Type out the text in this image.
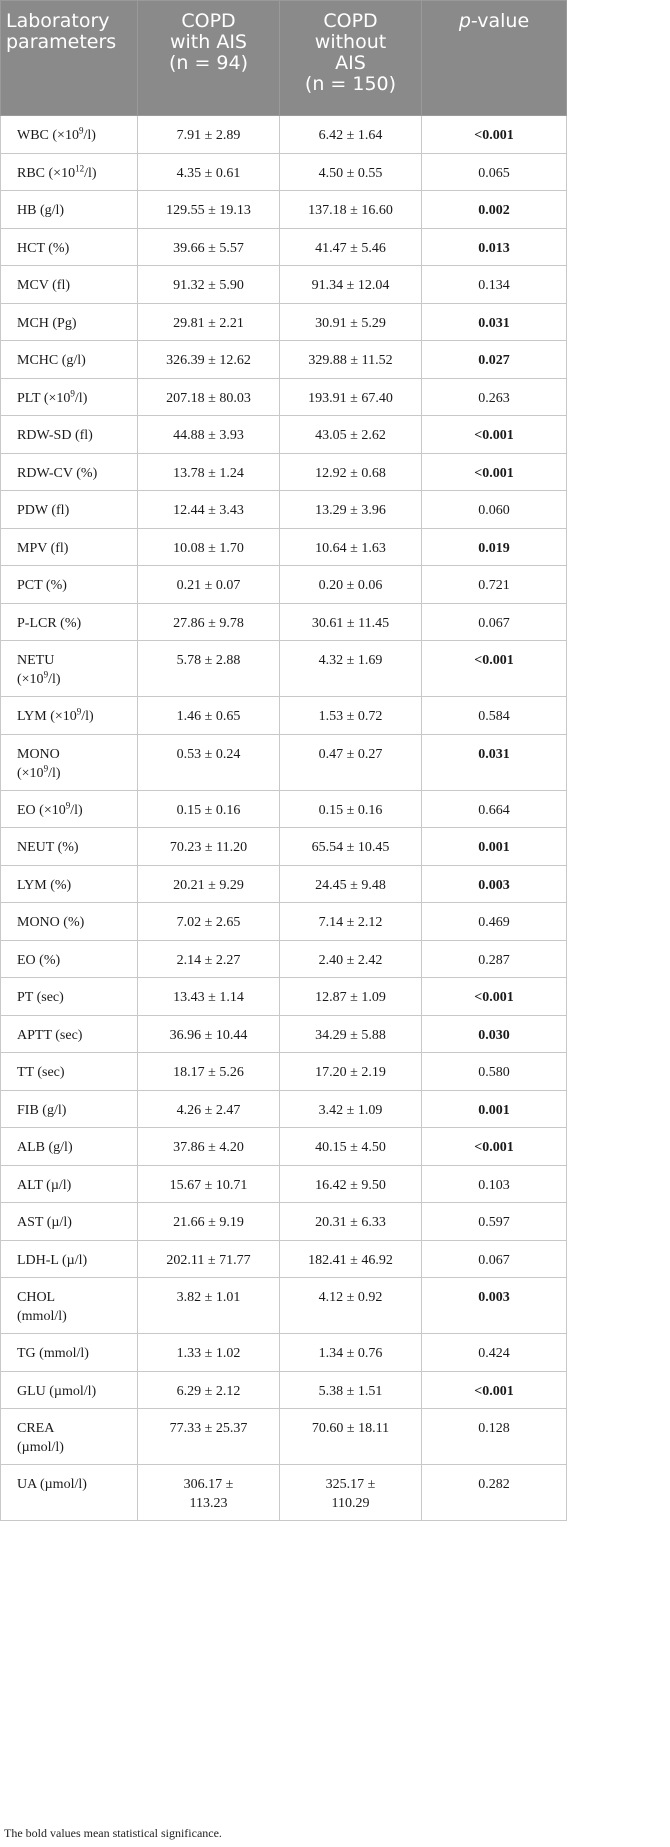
Laboratory
parameters	COPD
with AIS
(n = 94)	COPD
without
AIS
(n = 150)	p-value
WBC $(\times 10^9/l)$	7.91 ± 2.89	6.42 ± 1.64	<0.001
RBC $(\times 10^{12}/l)$	4.35 ± 0.61	4.50 ± 0.55	0.065
HB (g/l)	129.55 ± 19.13	137.18 ± 16.60	0.002
HCT (%)	39.66 ± 5.57	41.47 ± 5.46	0.013
MCV (fl)	91.32 ± 5.90	91.34 ± 12.04	0.134
MCH (Pg)	29.81 ± 2.21	30.91 ± 5.29	0.031
MCHC (g/l)	326.39 ± 12.62	329.88 ± 11.52	0.027
PLT $(\times 10^9/l)$	207.18 ± 80.03	193.91 ± 67.40	0.263
RDW-SD (fl)	44.88 ± 3.93	43.05 ± 2.62	<0.001
RDW-CV (%)	13.78 ± 1.24	12.92 ± 0.68	<0.001
PDW (fl)	12.44 ± 3.43	13.29 ± 3.96	0.060
MPV (fl)	10.08 ± 1.70	10.64 ± 1.63	0.019
PCT (%)	0.21 ± 0.07	0.20 ± 0.06	0.721
P-LCR (%)	27.86 ± 9.78	30.61 ± 11.45	0.067

NETU
$(\times 10^9/l)$	5.78 ± 2.88	4.32 ± 1.69	<0.001
LYM $(\times 10^9/l)$	1.46 ± 0.65	1.53 ± 0.72	0.584

MONO
$(\times 10^9/l)$	0.53 ± 0.24	0.47 ± 0.27	0.031
EO $(\times 10^9/l)$	0.15 ± 0.16	0.15 ± 0.16	0.664
NEUT (%)	70.23 ± 11.20	65.54 ± 10.45	0.001
LYM (%)	20.21 ± 9.29	24.45 ± 9.48	0.003
MONO (%)	7.02 ± 2.65	7.14 ± 2.12	0.469
EO (%)	2.14 ± 2.27	2.40 ± 2.42	0.287
PT (sec)	13.43 ± 1.14	12.87 ± 1.09	<0.001
APTT (sec)	36.96 ± 10.44	34.29 ± 5.88	0.030
TT (sec)	18.17 ± 5.26	17.20 ± 2.19	0.580
FIB (g/l)	4.26 ± 2.47	3.42 ± 1.09	0.001
ALB (g/l)	37.86 ± 4.20	40.15 ± 4.50	<0.001
ALT (µ/l)	15.67 ± 10.71	16.42 ± 9.50	0.103
AST (µ/l)	21.66 ± 9.19	20.31 ± 6.33	0.597
LDH-L (µ/l)	202.11 ± 71.77	182.41 ± 46.92	0.067

CHOL
(mmol/l)	3.82 ± 1.01	4.12 ± 0.92	0.003
TG (mmol/l)	1.33 ± 1.02	1.34 ± 0.76	0.424
GLU (µmol/l)	6.29 ± 2.12	5.38 ± 1.51	<0.001

CREA
(µmol/l)	77.33 ± 25.37	70.60 ± 18.11	0.128
UA (µmol/l)	306.17 ±
113.23	325.17 ±
110.29	0.282
The bold values mean statistical significance.
